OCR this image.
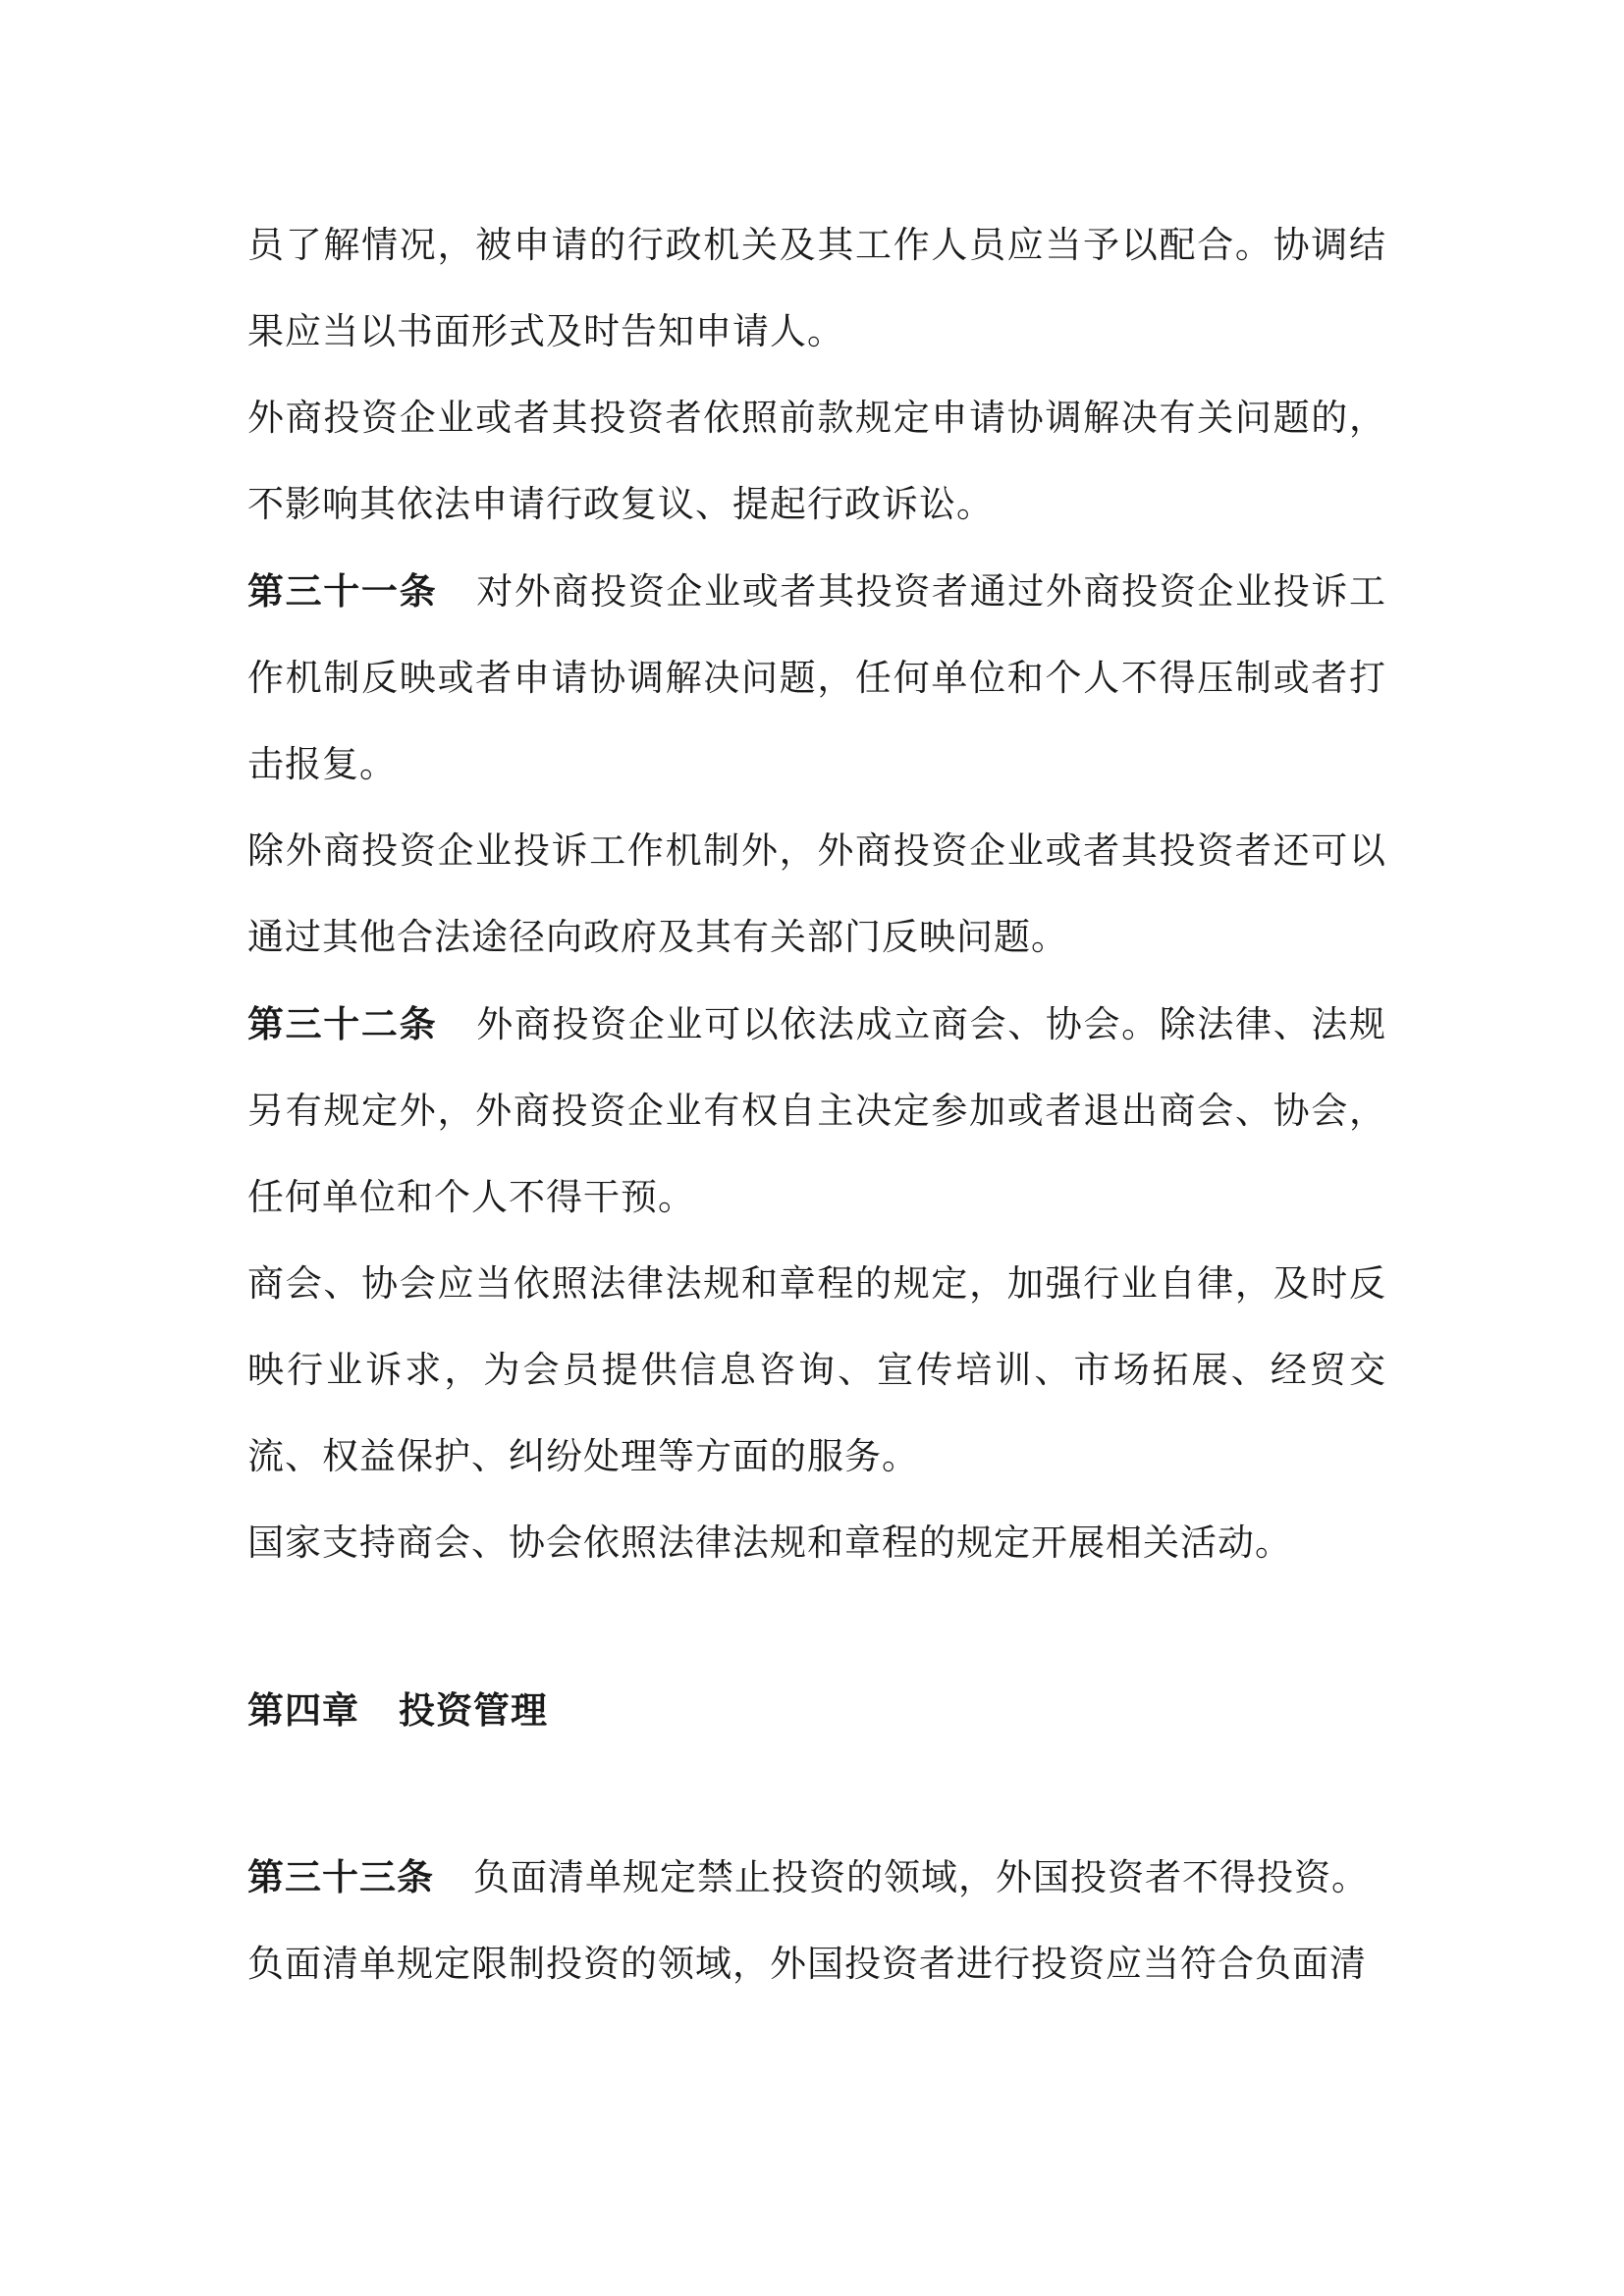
员了解情况，被申请的行政机关及其工作人员应当予以配合。协调结果应当以书面形式及时告知申请人。

外商投资企业或者其投资者依照前款规定申请协调解决有关问题的，不影响其依法申请行政复议、提起行政诉讼。

第三十一条 对外商投资企业或者其投资者通过外商投资企业投诉工作机制反映或者申请协调解决问题，任何单位和个人不得压制或者打击报复。

除外商投资企业投诉工作机制外，外商投资企业或者其投资者还可以通过其他合法途径向政府及其有关部门反映问题。

第三十二条 外商投资企业可以依法成立商会、协会。除法律、法规另有规定外，外商投资企业有权自主决定参加或者退出商会、协会，任何单位和个人不得干预。

商会、协会应当依照法律法规和章程的规定，加强行业自律，及时反映行业诉求，为会员提供信息咨询、宣传培训、市场拓展、经贸交流、权益保护、纠纷处理等方面的服务。

国家支持商会、协会依照法律法规和章程的规定开展相关活动。

第四章 投资管理

第三十三条 负面清单规定禁止投资的领域，外国投资者不得投资。

负面清单规定限制投资的领域，外国投资者进行投资应当符合负面清
